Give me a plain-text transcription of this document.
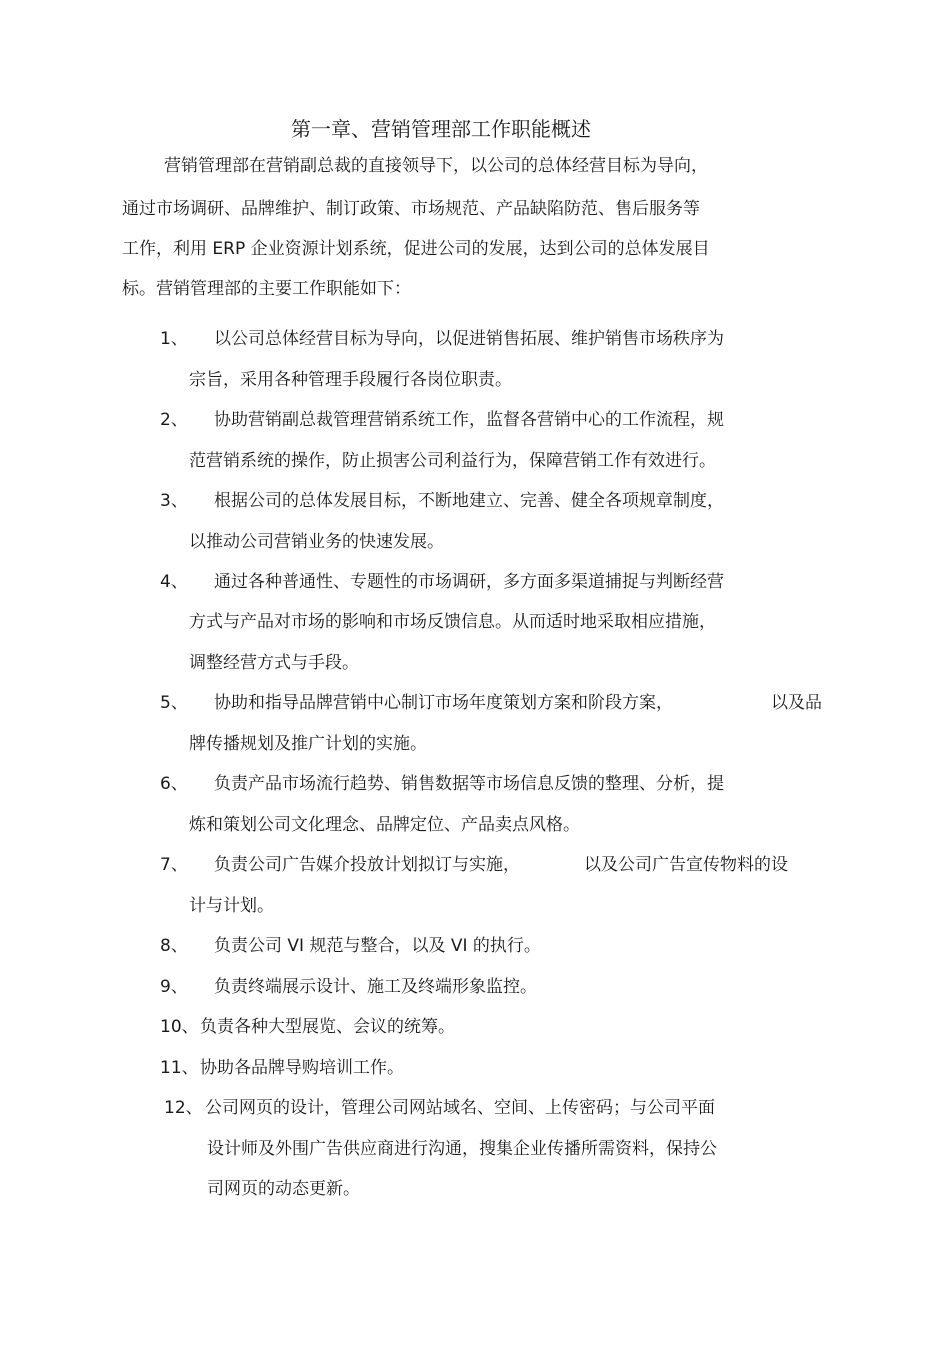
第一章、营销管理部工作职能概述
营销管理部在营销副总裁的直接领导下，以公司的总体经营目标为导向，
通过市场调研、品牌维护、制订政策、市场规范、产品缺陷防范、售后服务等
工作，利用 ERP 企业资源计划系统，促进公司的发展，达到公司的总体发展目
标。营销管理部的主要工作职能如下：
1、 以公司总体经营目标为导向，以促进销售拓展、维护销售市场秩序为
宗旨，采用各种管理手段履行各岗位职责。
2、 协助营销副总裁管理营销系统工作，监督各营销中心的工作流程，规
范营销系统的操作，防止损害公司利益行为，保障营销工作有效进行。
3、 根据公司的总体发展目标，不断地建立、完善、健全各项规章制度，
以推动公司营销业务的快速发展。
4、 通过各种普通性、专题性的市场调研，多方面多渠道捕捉与判断经营
方式与产品对市场的影响和市场反馈信息。从而适时地采取相应措施，
调整经营方式与手段。
5、 协助和指导品牌营销中心制订市场年度策划方案和阶段方案，	以及品
牌传播规划及推广计划的实施。
6、 负责产品市场流行趋势、销售数据等市场信息反馈的整理、分析，提
炼和策划公司文化理念、品牌定位、产品卖点风格。
7、 负责公司广告媒介投放计划拟订与实施，	以及公司广告宣传物料的设
计与计划。
8、 负责公司 VI 规范与整合，以及 VI 的执行。
9、 负责终端展示设计、施工及终端形象监控。
10、 负责各种大型展览、会议的统筹。
11、 协助各品牌导购培训工作。
12、 公司网页的设计，管理公司网站域名、空间、上传密码；与公司平面
设计师及外围广告供应商进行沟通，搜集企业传播所需资料，保持公
司网页的动态更新。
